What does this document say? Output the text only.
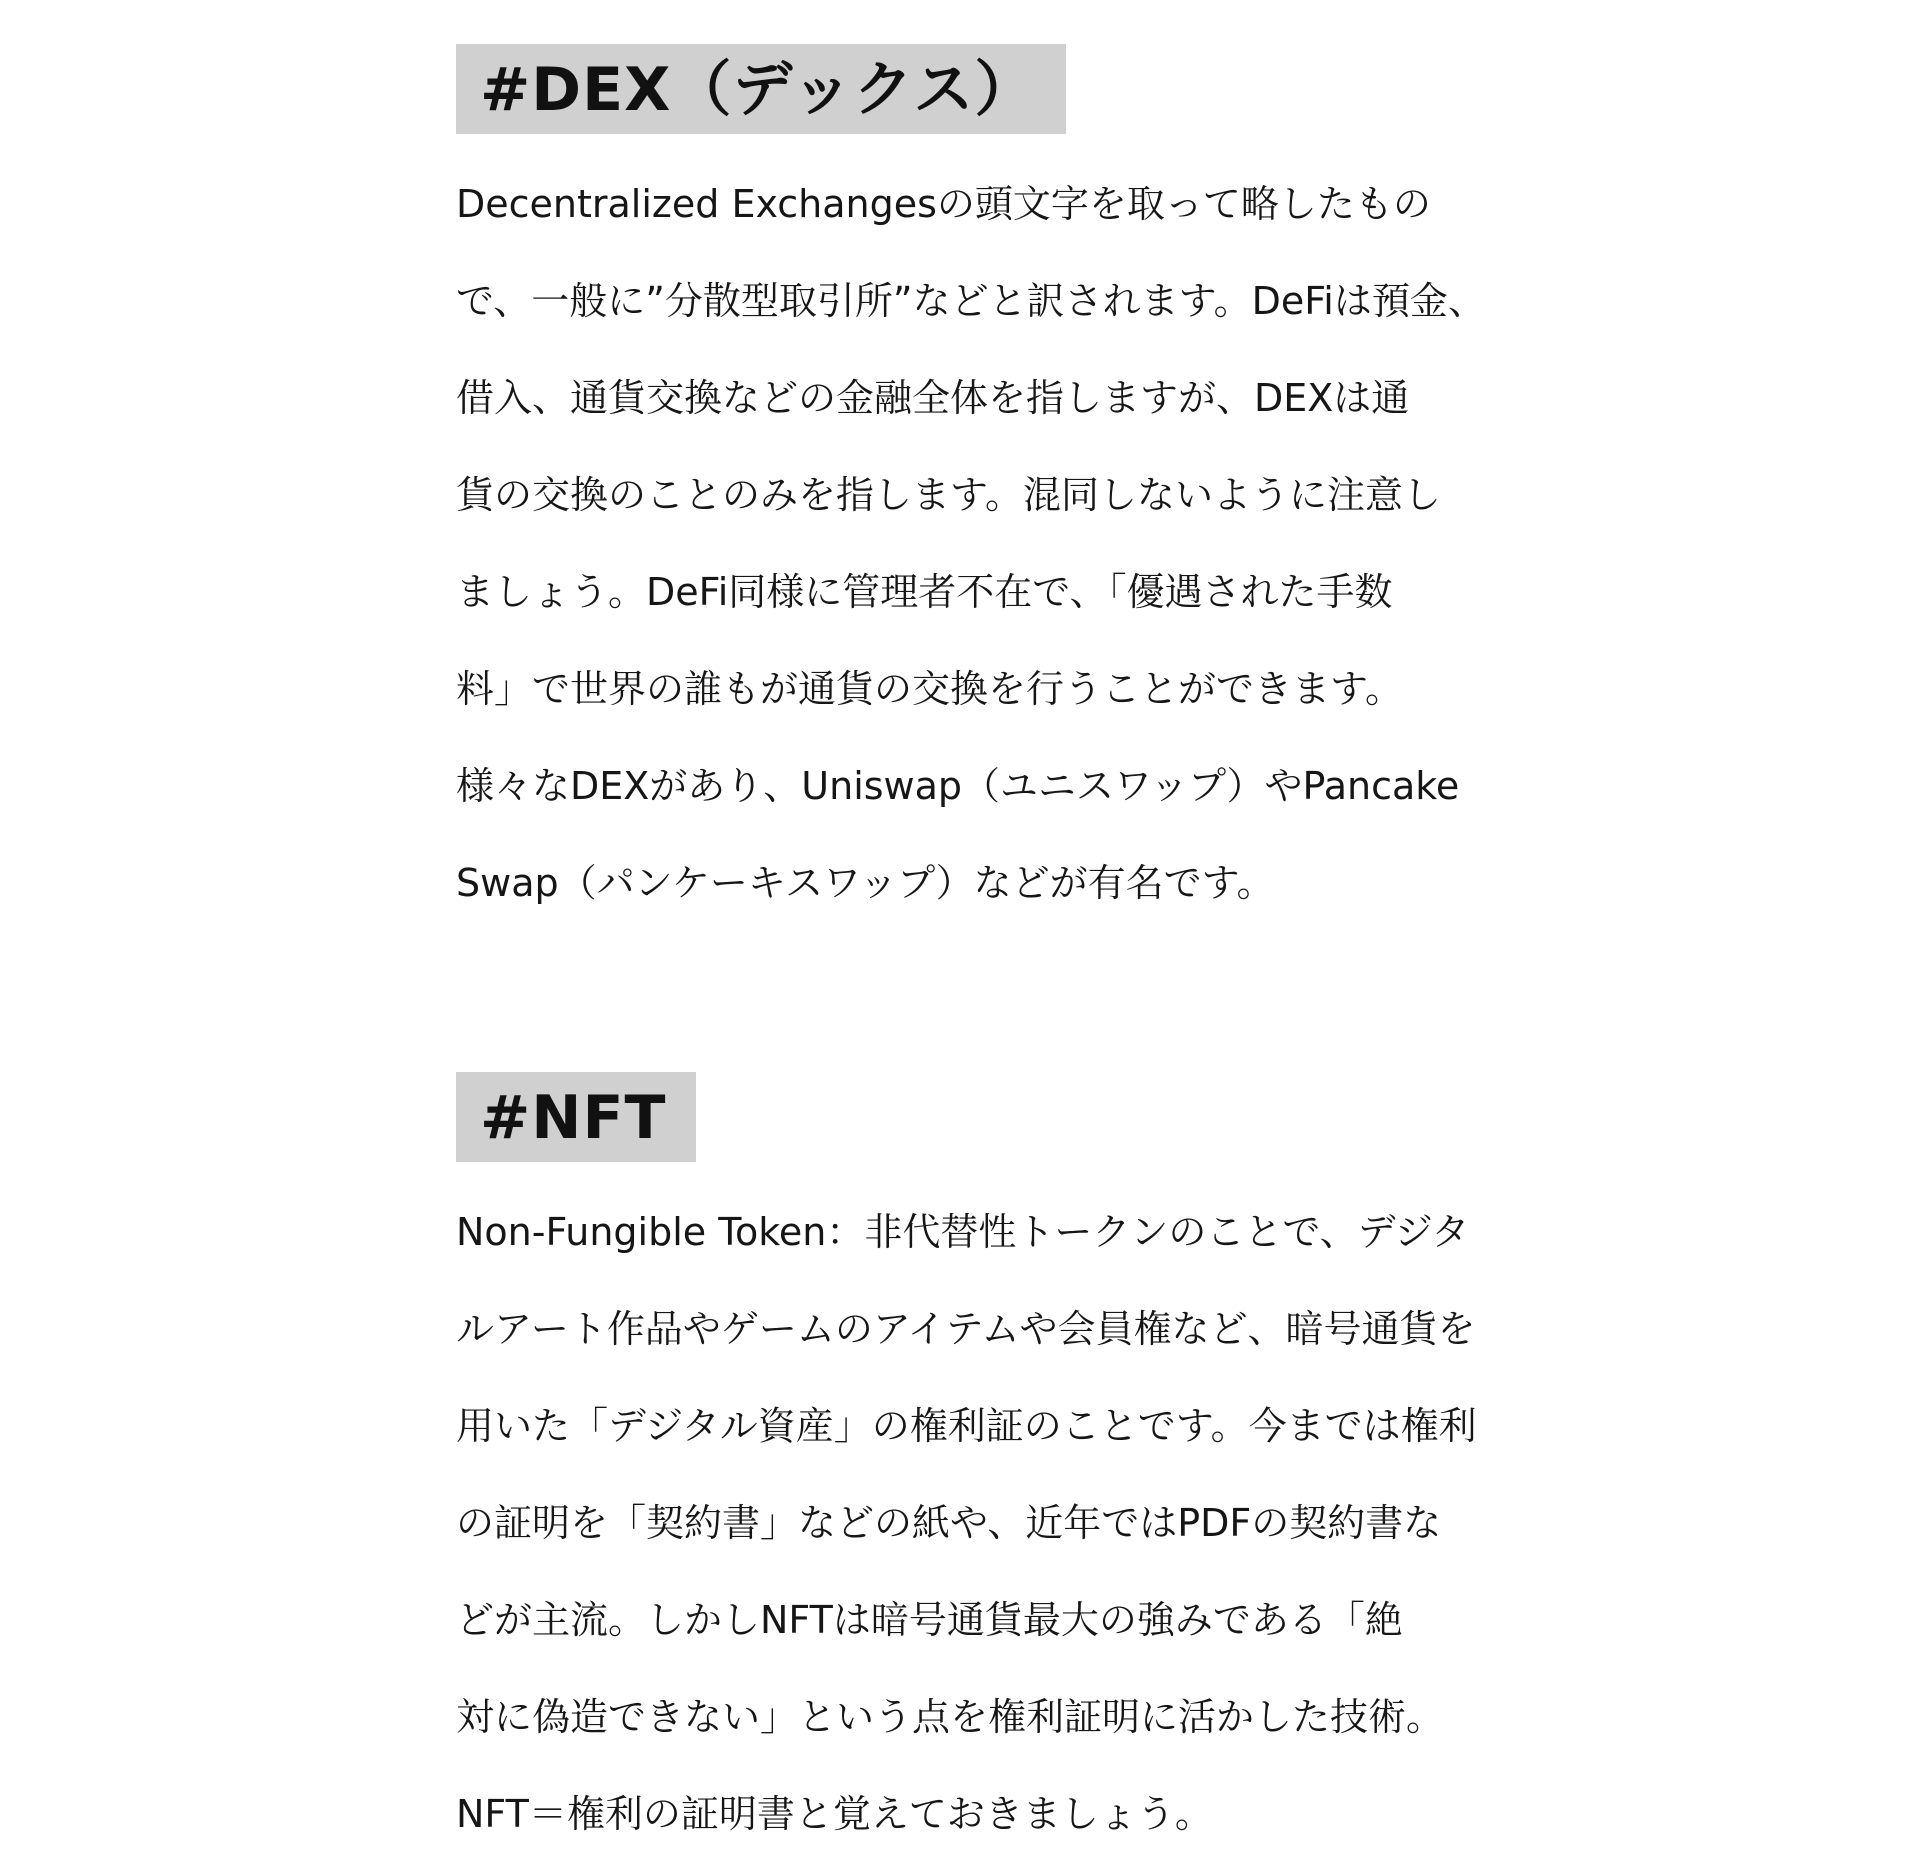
#DEX（デックス）
Decentralized Exchangesの頭文字を取って略したもの
で、一般に”分散型取引所”などと訳されます。DeFiは預金、
借入、通貨交換などの金融全体を指しますが、DEXは通
貨の交換のことのみを指します。混同しないように注意し
ましょう。DeFi同様に管理者不在で、「優遇された手数
料」で世界の誰もが通貨の交換を行うことができます。
様々なDEXがあり、Uniswap（ユニスワップ）やPancake
Swap（パンケーキスワップ）などが有名です。
#NFT
Non-Fungible Token：非代替性トークンのことで、デジタ
ルアート作品やゲームのアイテムや会員権など、暗号通貨を
用いた「デジタル資産」の権利証のことです。今までは権利
の証明を「契約書」などの紙や、近年ではPDFの契約書な
どが主流。しかしNFTは暗号通貨最大の強みである「絶
対に偽造できない」という点を権利証明に活かした技術。
NFT＝権利の証明書と覚えておきましょう。
